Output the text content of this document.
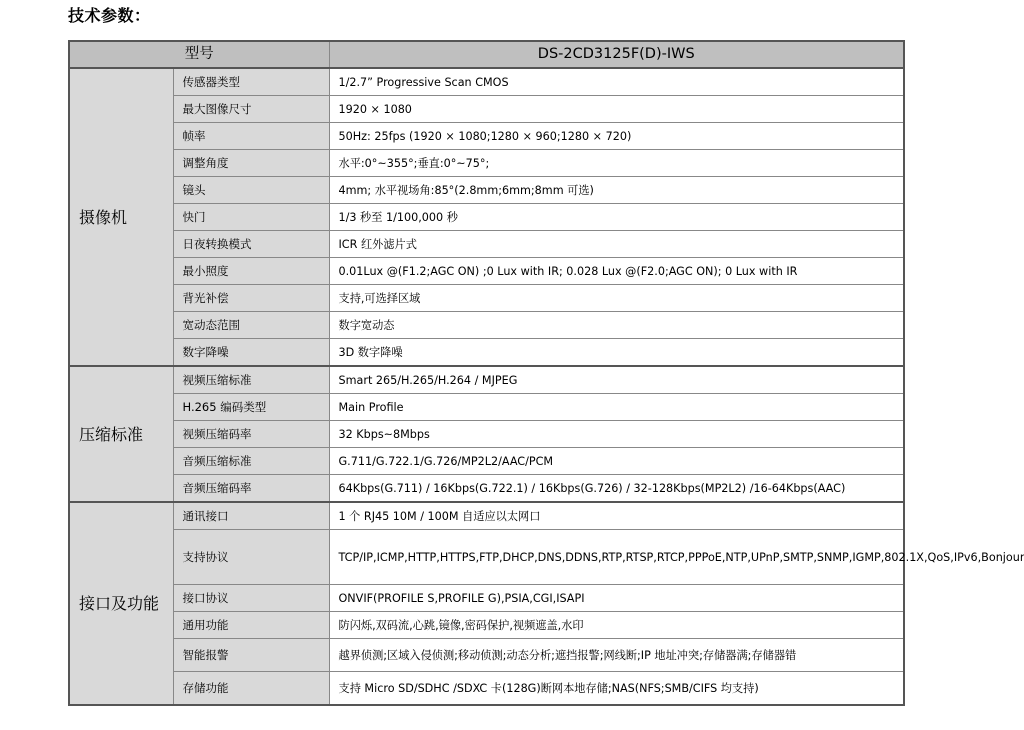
技术参数：
型号		DS-2CD3125F(D)-IWS
摄像机	传感器类型	1/2.7” Progressive Scan CMOS
	最大图像尺寸	1920 × 1080
	帧率	50Hz: 25fps (1920 × 1080;1280 × 960;1280 × 720)
	调整角度	水平:0°~355°;垂直:0°~75°;
	镜头	4mm; 水平视场角:85°(2.8mm;6mm;8mm 可选)
	快门	1/3 秒至 1/100,000 秒
	日夜转换模式	ICR 红外滤片式
	最小照度	0.01Lux @(F1.2;AGC ON) ;0 Lux with IR; 0.028 Lux @(F2.0;AGC ON); 0 Lux with IR
	背光补偿	支持,可选择区域
	宽动态范围	数字宽动态
	数字降噪	3D 数字降噪
压缩标准	视频压缩标准	Smart 265/H.265/H.264 / MJPEG
	H.265 编码类型	Main Profile
	视频压缩码率	32 Kbps~8Mbps
	音频压缩标准	G.711/G.722.1/G.726/MP2L2/AAC/PCM
	音频压缩码率	64Kbps(G.711) / 16Kbps(G.722.1) / 16Kbps(G.726) / 32-128Kbps(MP2L2) /16-64Kbps(AAC)
接口及功能	通讯接口	1 个 RJ45 10M / 100M 自适应以太网口
	支持协议	TCP/IP,ICMP,HTTP,HTTPS,FTP,DHCP,DNS,DDNS,RTP,RTSP,RTCP,PPPoE,NTP,UPnP,SMTP,SNMP,IGMP,802.1X,QoS,IPv6,Bonjour
	接口协议	ONVIF(PROFILE S,PROFILE G),PSIA,CGI,ISAPI
	通用功能	防闪烁,双码流,心跳,镜像,密码保护,视频遮盖,水印
	智能报警	越界侦测;区域入侵侦测;移动侦测;动态分析;遮挡报警;网线断;IP 地址冲突;存储器满;存储器错
	存储功能	支持 Micro SD/SDHC /SDXC 卡(128G)断网本地存储;NAS(NFS;SMB/CIFS 均支持)
